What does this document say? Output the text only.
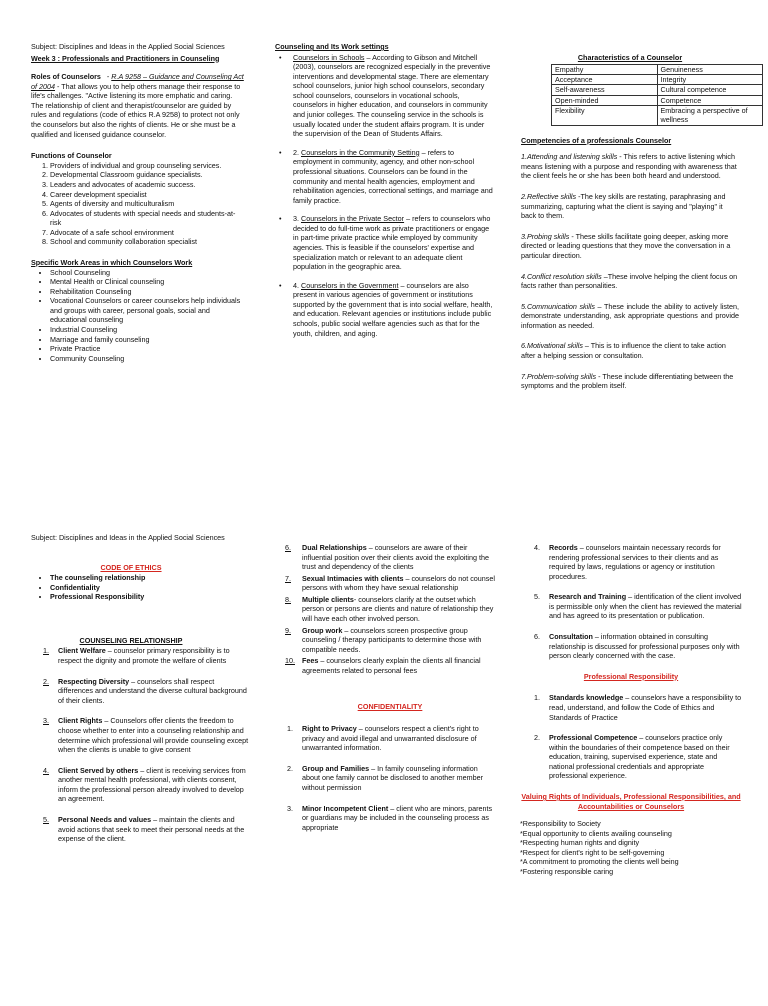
Subject: Disciplines and Ideas in the Applied Social Sciences

Week 3 : Professionals and Practitioners in Counseling

Roles of Counselors   - R.A 9258 – Guidance and Counseling Act of 2004 - That allows you to help others manage their response to life's challenges. "Active listening its more emphatic and caring. The relationship of client and therapist/counselor are guided by rules and regulations (code of ethics R.A 9258) to protect not only the counselors but also the rights of clients. He or she must be a qualified and licensed guidance counselor.

Functions of Counselor

1. Providers of individual and group counseling services.
2. Developmental Classroom guidance specialists.
3. Leaders and advocates of academic success.
4. Career development specialist
5. Agents of diversity and multiculturalism
6. Advocates of students with special needs and students-at-risk
7. Advocate of a safe school environment
8. School and community collaboration specialist

Specific Work Areas in which Counselors Work

• School Counseling
• Mental Health or Clinical counseling
• Rehabilitation Counseling
• Vocational Counselors or career counselors help individuals and groups with career, personal goals, social and educational counseling
• Industrial Counseling
• Marriage and family counseling
• Private Practice
• Community Counseling

Counseling and Its Work settings

•	Counselors in Schools – According to Gibson and Mitchell (2003), counselors are recognized especially in the preventive interventions and developmental stage. There are elementary school counselors, junior high school counselors, secondary school counselors, counselors in vocational schools, counselors in higher education, and counselors in community and junior colleges. The counseling service in the schools is usually located under the student affairs program. It is under the supervision of the Dean of Students Affairs.
•	2. Counselors in the Community Setting – refers to employment in community, agency, and other non-school professional situations. Counselors can be found in the community and mental health agencies, employment and rehabilitation agencies, correctional settings, and marriage and family practice.
•	3. Counselors in the Private Sector – refers to counselors who decided to do full-time work as private practitioners or engage in part-time private practice while employed by community agencies. This is feasible if the counselors' expertise and specialization match or relevant to an adequate client population in the geographic area.
•	4. Counselors in the Government – counselors are also present in various agencies of government or institutions supported by the government that is into social welfare, health, and education. Relevant agencies or institutions include public schools, public social welfare agencies such as that for the youth, children, and aging.

Characteristics of a Counselor

Empathy	Genuineness
Acceptance	Integrity
Self-awareness	Cultural competence
Open-minded	Competence
Flexibility	Embracing a perspective of wellness

Competencies of a professionals Counselor

1.Attending and listening skills - This refers to active listening which means listening with a purpose and responding with awareness that the client feels he or she has been both heard and understood.

2.Reflective skills -The key skills are restating, paraphrasing and summarizing, capturing what the client is saying and "playing" it back to them.

3.Probing skills - These skills facilitate going deeper, asking more directed or leading questions that they move the conversation in a particular direction.

4.Conflict resolution skills –These involve helping the client focus on facts rather than personalities.

5.Communication skills – These include the ability to actively listen, demonstrate understanding, ask appropriate questions and provide information as needed.

6.Motivational skills – This is to influence the client to take action after a helping session or consultation.

7.Problem-solving skills - These include differentiating between the symptoms and the problem itself.

Subject: Disciplines and Ideas in the Applied Social Sciences

CODE OF ETHICS

• The counseling relationship
• Confidentiality
• Professional Responsibility

COUNSELING RELATIONSHIP

1.	Client Welfare – counselor primary responsibility is to respect the dignity and promote the welfare of clients
2.	Respecting Diversity – counselors shall respect differences and understand the diverse cultural background of their clients.
3.	Client Rights – Counselors offer clients the freedom to choose whether to enter into a counseling relationship and determine which professional will provide counseling except when the clients is unable to give consent
4.	Client Served by others – client is receiving services from another mental health professional, with clients consent, inform the professional person already involved to develop an agreement.
5.	Personal Needs and values – maintain the clients and avoid actions that seek to meet their personal needs at the expense of the client.
6.	Dual Relationships – counselors are aware of their influential position over their clients avoid the exploiting the trust and dependency of the clients
7.	Sexual Intimacies with clients – counselors do not counsel persons with whom they have sexual relationship
8.	Multiple clients- counselors clarify at the outset which person or persons are clients and nature of relationship they will have each other involved person.
9.	Group work – counselors screen prospective group counseling / therapy participants to determine those with compatible needs.
10. Fees – counselors clearly explain the clients all financial agreements related to personal fees

CONFIDENTIALITY

1.	Right to Privacy – counselors respect a client's right to privacy and avoid illegal and unwarranted disclosure of unwarranted information.
2.	Group and Families – In family counseling information about one family cannot be disclosed to another member without permission
3.	Minor Incompetent Client – client who are minors, parents or guardians may be included in the counseling process as appropriate
4.	Records – counselors maintain necessary records for rendering professional services to their clients and as required by laws, regulations or agency or institution procedures.
5.	Research and Training – identification of the client involved is permissible only when the client has reviewed the material and has agreed to its presentation or publication.
6.	Consultation – information obtained in consulting relationship is discussed for professional purposes only with person clearly concerned with the case.

Professional Responsibility

1.	Standards knowledge – counselors have a responsibility to read, understand, and follow the Code of Ethics and Standards of Practice
2.	Professional Competence – counselors practice only within the boundaries of their competence based on their education, training, supervised experience, state and national professional credentials and appropriate professional experience.

Valuing Rights of Individuals, Professional Responsibilities, and Accountabilities or Counselors

*Responsibility to Society

*Equal opportunity to clients availing counseling

*Respecting human rights and dignity

*Respect for client's right to be self-governing

*A commitment to promoting the clients well being

*Fostering responsible caring
